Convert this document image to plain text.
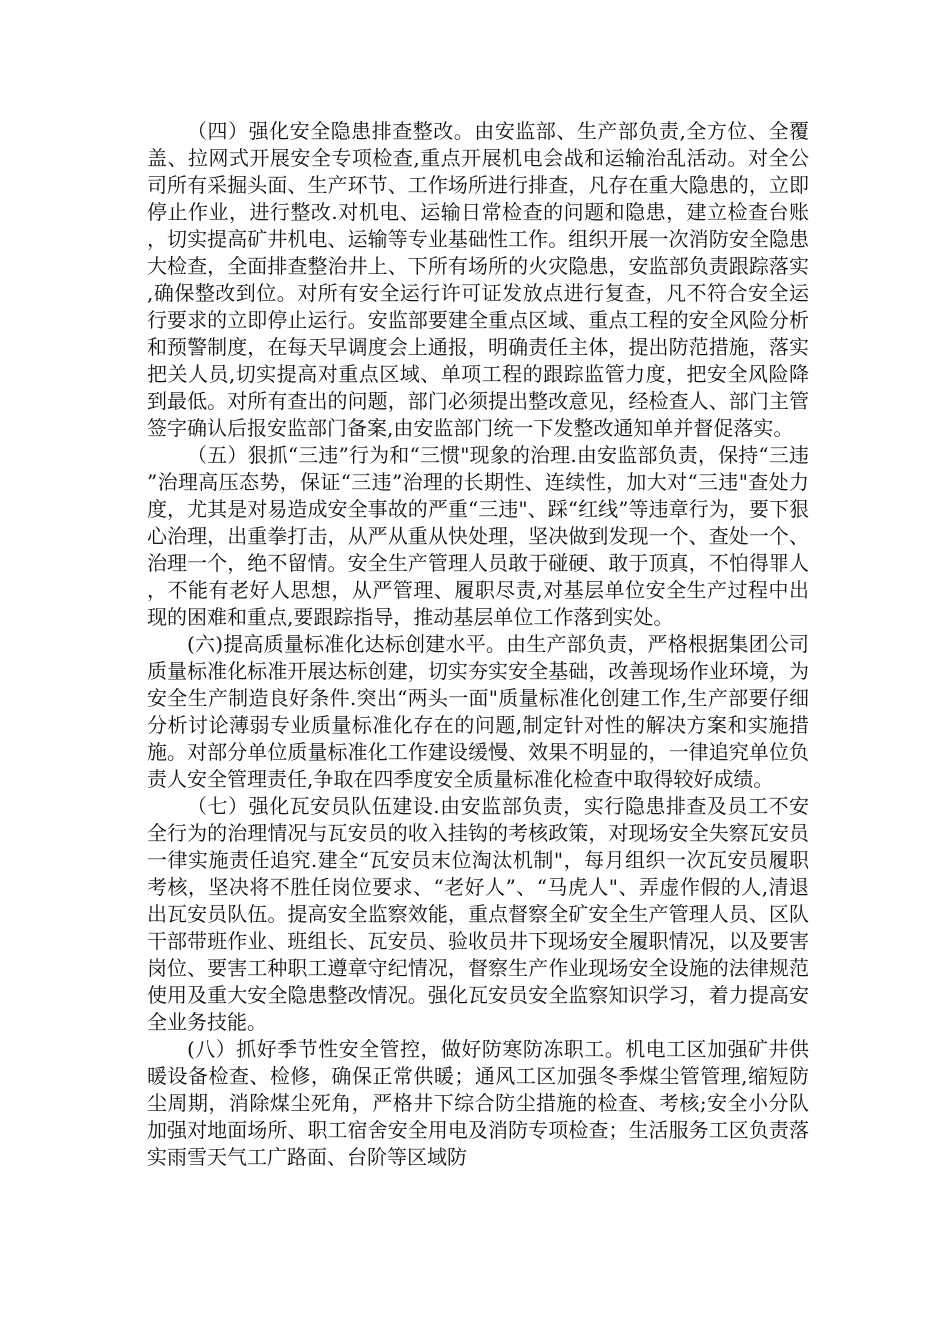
（四）强化安全隐患排查整改。由安监部、生产部负责,全方位、全覆盖、拉网式开展安全专项检查,重点开展机电会战和运输治乱活动。对全公司所有采掘头面、生产环节、工作场所进行排查，凡存在重大隐患的，立即停止作业，进行整改.对机电、运输日常检查的问题和隐患，建立检查台账，切实提高矿井机电、运输等专业基础性工作。组织开展一次消防安全隐患大检查，全面排查整治井上、下所有场所的火灾隐患，安监部负责跟踪落实,确保整改到位。对所有安全运行许可证发放点进行复查，凡不符合安全运行要求的立即停止运行。安监部要建全重点区域、重点工程的安全风险分析和预警制度，在每天早调度会上通报，明确责任主体，提出防范措施，落实把关人员,切实提高对重点区域、单项工程的跟踪监管力度，把安全风险降到最低。对所有查出的问题，部门必须提出整改意见，经检查人、部门主管签字确认后报安监部门备案,由安监部门统一下发整改通知单并督促落实。

（五）狠抓“三违”行为和“三惯"现象的治理.由安监部负责，保持“三违”治理高压态势，保证“三违”治理的长期性、连续性，加大对“三违"查处力度，尤其是对易造成安全事故的严重“三违"、踩“红线”等违章行为，要下狠心治理，出重拳打击，从严从重从快处理，坚决做到发现一个、查处一个、治理一个，绝不留情。安全生产管理人员敢于碰硬、敢于顶真，不怕得罪人，不能有老好人思想，从严管理、履职尽责,对基层单位安全生产过程中出现的困难和重点,要跟踪指导，推动基层单位工作落到实处。

(六)提高质量标准化达标创建水平。由生产部负责，严格根据集团公司质量标准化标准开展达标创建，切实夯实安全基础，改善现场作业环境，为安全生产制造良好条件.突出“两头一面"质量标准化创建工作,生产部要仔细分析讨论薄弱专业质量标准化存在的问题,制定针对性的解决方案和实施措施。对部分单位质量标准化工作建设缓慢、效果不明显的，一律追究单位负责人安全管理责任,争取在四季度安全质量标准化检查中取得较好成绩。

（七）强化瓦安员队伍建设.由安监部负责，实行隐患排查及员工不安全行为的治理情况与瓦安员的收入挂钩的考核政策，对现场安全失察瓦安员一律实施责任追究.建全“瓦安员末位淘汰机制"，每月组织一次瓦安员履职考核，坚决将不胜任岗位要求、“老好人”、“马虎人"、弄虚作假的人,清退出瓦安员队伍。提高安全监察效能，重点督察全矿安全生产管理人员、区队干部带班作业、班组长、瓦安员、验收员井下现场安全履职情况，以及要害岗位、要害工种职工遵章守纪情况，督察生产作业现场安全设施的法律规范使用及重大安全隐患整改情况。强化瓦安员安全监察知识学习，着力提高安全业务技能。

(八）抓好季节性安全管控，做好防寒防冻职工。机电工区加强矿井供暖设备检查、检修，确保正常供暖；通风工区加强冬季煤尘管管理,缩短防尘周期，消除煤尘死角，严格井下综合防尘措施的检查、考核;安全小分队加强对地面场所、职工宿舍安全用电及消防专项检查；生活服务工区负责落实雨雪天气工广路面、台阶等区域防
